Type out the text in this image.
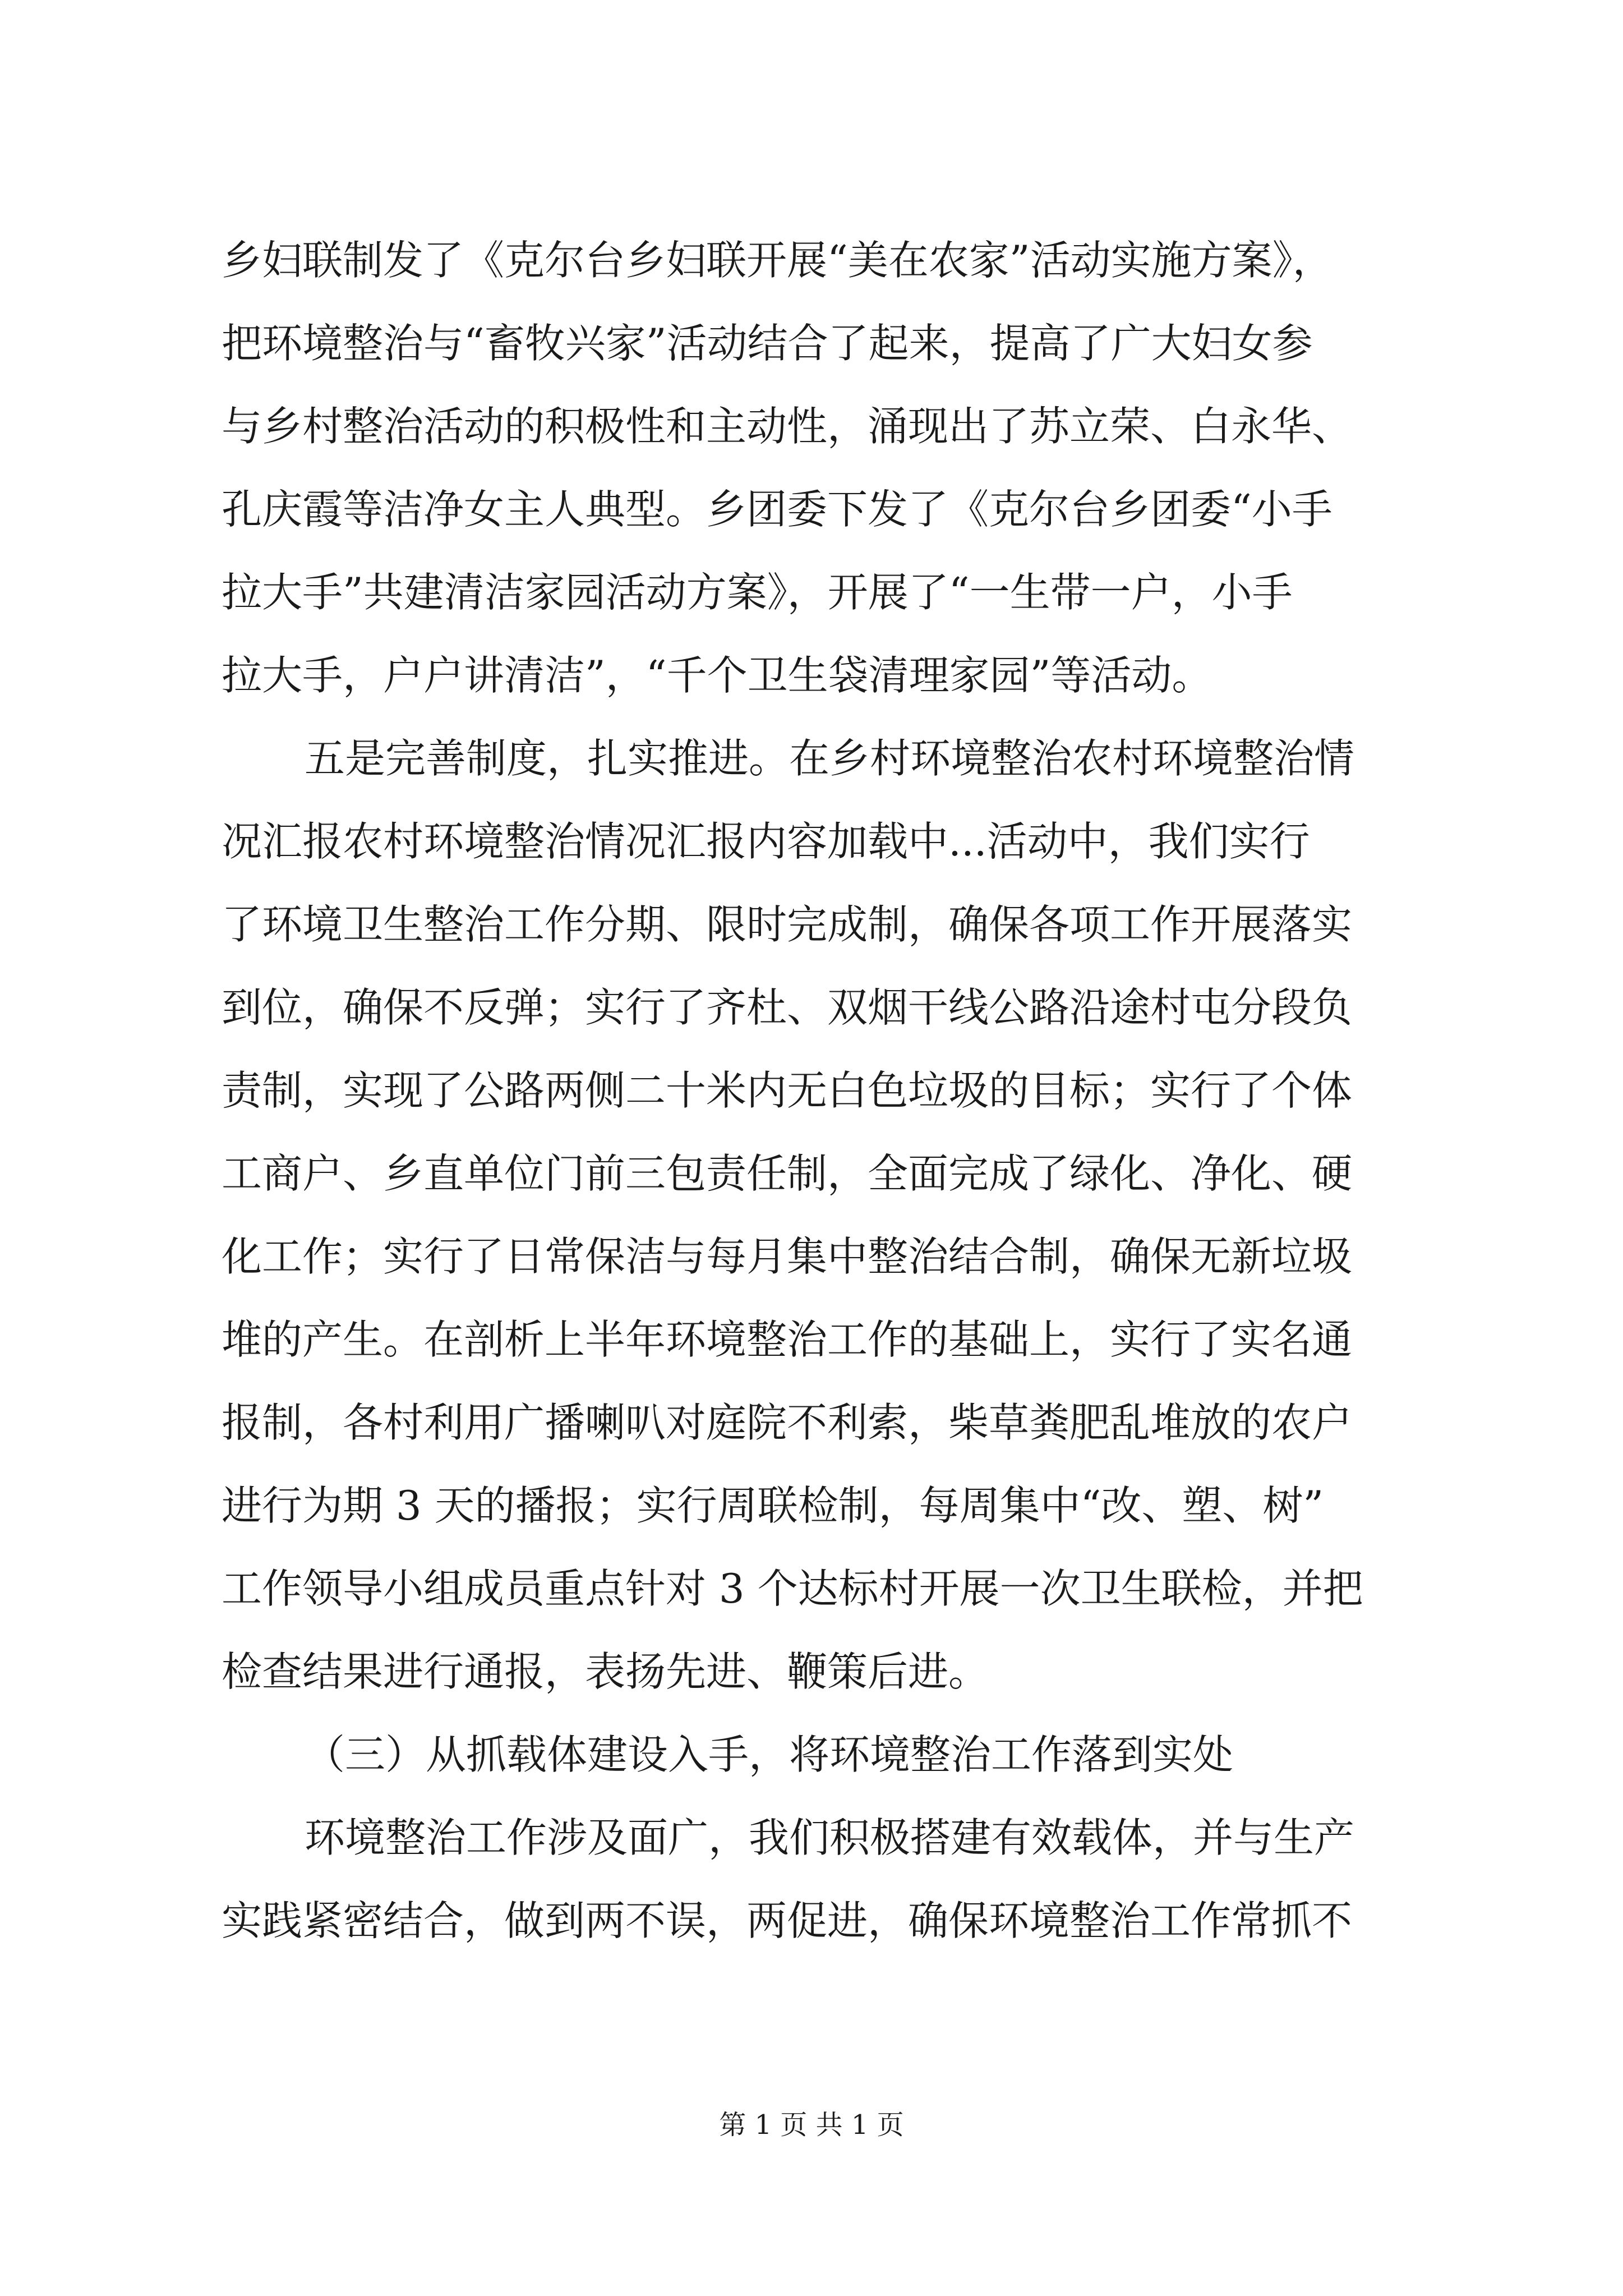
乡妇联制发了《克尔台乡妇联开展“美在农家”活动实施方案》，
把环境整治与“畜牧兴家”活动结合了起来，提高了广大妇女参
与乡村整治活动的积极性和主动性，涌现出了苏立荣、白永华、
孔庆霞等洁净女主人典型。乡团委下发了《克尔台乡团委“小手
拉大手”共建清洁家园活动方案》，开展了“一生带一户，小手
拉大手，户户讲清洁”，“千个卫生袋清理家园”等活动。
五是完善制度，扎实推进。在乡村环境整治农村环境整治情
况汇报农村环境整治情况汇报内容加载中...活动中，我们实行
了环境卫生整治工作分期、限时完成制，确保各项工作开展落实
到位，确保不反弹；实行了齐杜、双烟干线公路沿途村屯分段负
责制，实现了公路两侧二十米内无白色垃圾的目标；实行了个体
工商户、乡直单位门前三包责任制，全面完成了绿化、净化、硬
化工作；实行了日常保洁与每月集中整治结合制，确保无新垃圾
堆的产生。在剖析上半年环境整治工作的基础上，实行了实名通
报制，各村利用广播喇叭对庭院不利索，柴草粪肥乱堆放的农户
进行为期 3 天的播报；实行周联检制，每周集中“改、塑、树”
工作领导小组成员重点针对 3 个达标村开展一次卫生联检，并把
检查结果进行通报，表扬先进、鞭策后进。
（三）从抓载体建设入手，将环境整治工作落到实处
环境整治工作涉及面广，我们积极搭建有效载体，并与生产
实践紧密结合，做到两不误，两促进，确保环境整治工作常抓不
第 1 页 共 1 页
